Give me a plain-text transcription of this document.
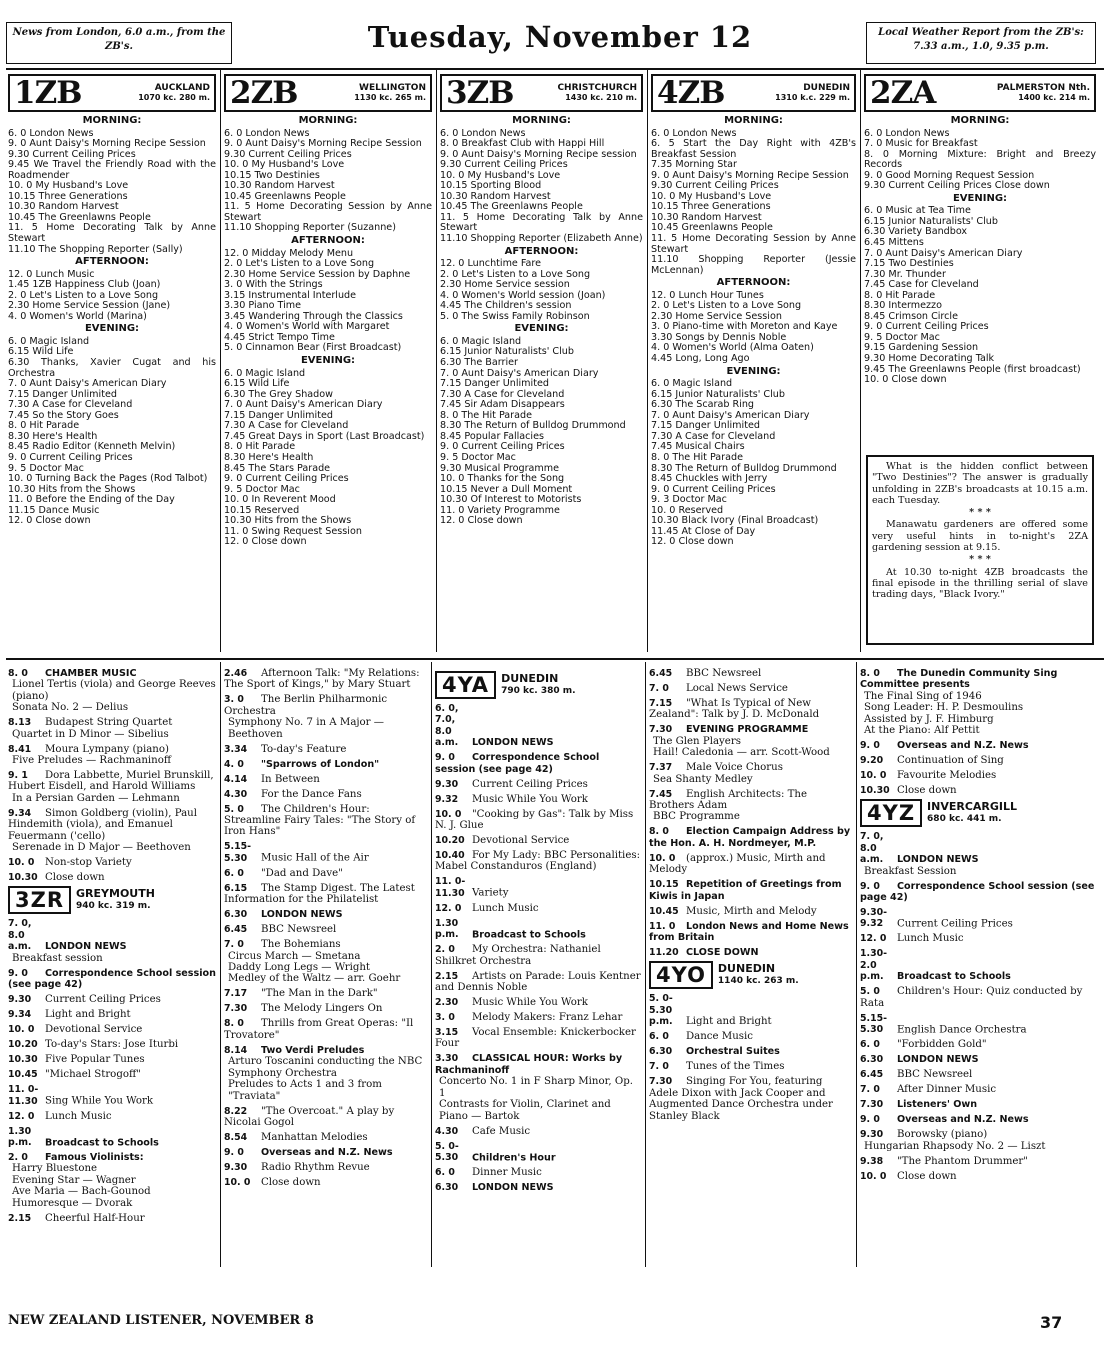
News from London, 6.0 a.m., from the ZB's.	Tuesday, November 12	Local Weather Report from the ZB's: 7.33 a.m., 1.0, 9.35 p.m.
1ZB	AUCKLAND
1070 kc. 280 m.
MORNING:
6. 0 London News
9. 0 Aunt Daisy's Morning Recipe Session
9.30 Current Ceiling Prices
9.45 We Travel the Friendly Road with the Roadmender
10. 0 My Husband's Love
10.15 Three Generations
10.30 Random Harvest
10.45 The Greenlawns People
11. 5 Home Decorating Talk by Anne Stewart
11.10 The Shopping Reporter (Sally)
AFTERNOON:
12. 0 Lunch Music
1.45 1ZB Happiness Club (Joan)
2. 0 Let's Listen to a Love Song
2.30 Home Service Session (Jane)
4. 0 Women's World (Marina)
EVENING:
6. 0 Magic Island
6.15 Wild Life
6.30 Thanks, Xavier Cugat and his Orchestra
7. 0 Aunt Daisy's American Diary
7.15 Danger Unlimited
7.30 A Case for Cleveland
7.45 So the Story Goes
8. 0 Hit Parade
8.30 Here's Health
8.45 Radio Editor (Kenneth Melvin)
9. 0 Current Ceiling Prices
9. 5 Doctor Mac
10. 0 Turning Back the Pages (Rod Talbot)
10.30 Hits from the Shows
11. 0 Before the Ending of the Day
11.15 Dance Music
12. 0 Close down
2ZB	WELLINGTON
1130 kc. 265 m.
MORNING:
6. 0 London News
9. 0 Aunt Daisy's Morning Recipe Session
9.30 Current Ceiling Prices
10. 0 My Husband's Love
10.15 Two Destinies
10.30 Random Harvest
10.45 Greenlawns People
11. 5 Home Decorating Session by Anne Stewart
11.10 Shopping Reporter (Suzanne)
AFTERNOON:
12. 0 Midday Melody Menu
2. 0 Let's Listen to a Love Song
2.30 Home Service Session by Daphne
3. 0 With the Strings
3.15 Instrumental Interlude
3.30 Piano Time
3.45 Wandering Through the Classics
4. 0 Women's World with Margaret
4.45 Strict Tempo Time
5. 0 Cinnamon Bear (First Broadcast)
EVENING:
6. 0 Magic Island
6.15 Wild Life
6.30 The Grey Shadow
7. 0 Aunt Daisy's American Diary
7.15 Danger Unlimited
7.30 A Case for Cleveland
7.45 Great Days in Sport (Last Broadcast)
8. 0 Hit Parade
8.30 Here's Health
8.45 The Stars Parade
9. 0 Current Ceiling Prices
9. 5 Doctor Mac
10. 0 In Reverent Mood
10.15 Reserved
10.30 Hits from the Shows
11. 0 Swing Request Session
12. 0 Close down
3ZB	CHRISTCHURCH
1430 kc. 210 m.
MORNING:
6. 0 London News
8. 0 Breakfast Club with Happi Hill
9. 0 Aunt Daisy's Morning Recipe session
9.30 Current Ceiling Prices
10. 0 My Husband's Love
10.15 Sporting Blood
10.30 Random Harvest
10.45 The Greenlawns People
11. 5 Home Decorating Talk by Anne Stewart
11.10 Shopping Reporter (Elizabeth Anne)
AFTERNOON:
12. 0 Lunchtime Fare
2. 0 Let's Listen to a Love Song
2.30 Home Service session
4. 0 Women's World session (Joan)
4.45 The Children's session
5. 0 The Swiss Family Robinson
EVENING:
6. 0 Magic Island
6.15 Junior Naturalists' Club
6.30 The Barrier
7. 0 Aunt Daisy's American Diary
7.15 Danger Unlimited
7.30 A Case for Cleveland
7.45 Sir Adam Disappears
8. 0 The Hit Parade
8.30 The Return of Bulldog Drummond
8.45 Popular Fallacies
9. 0 Current Ceiling Prices
9. 5 Doctor Mac
9.30 Musical Programme
10. 0 Thanks for the Song
10.15 Never a Dull Moment
10.30 Of Interest to Motorists
11. 0 Variety Programme
12. 0 Close down
4ZB	DUNEDIN
1310 k.c. 229 m.
MORNING:
6. 0 London News
6. 5 Start the Day Right with 4ZB's Breakfast Session
7.35 Morning Star
9. 0 Aunt Daisy's Morning Recipe Session
9.30 Current Ceiling Prices
10. 0 My Husband's Love
10.15 Three Generations
10.30 Random Harvest
10.45 Greenlawns People
11. 5 Home Decorating Session by Anne Stewart
11.10 Shopping Reporter (Jessie McLennan)
AFTERNOON:
12. 0 Lunch Hour Tunes
2. 0 Let's Listen to a Love Song
2.30 Home Service Session
3. 0 Piano-time with Moreton and Kaye
3.30 Songs by Dennis Noble
4. 0 Women's World (Alma Oaten)
4.45 Long, Long Ago
EVENING:
6. 0 Magic Island
6.15 Junior Naturalists' Club
6.30 The Scarab Ring
7. 0 Aunt Daisy's American Diary
7.15 Danger Unlimited
7.30 A Case for Cleveland
7.45 Musical Chairs
8. 0 The Hit Parade
8.30 The Return of Bulldog Drummond
8.45 Chuckles with Jerry
9. 0 Current Ceiling Prices
9. 3 Doctor Mac
10. 0 Reserved
10.30 Black Ivory (Final Broadcast)
11.45 At Close of Day
12. 0 Close down
2ZA	PALMERSTON Nth.
1400 kc. 214 m.
MORNING:
6. 0 London News
7. 0 Music for Breakfast
8. 0 Morning Mixture: Bright and Breezy Records
9. 0 Good Morning Request Session
9.30 Current Ceiling Prices Close down
EVENING:
6. 0 Music at Tea Time
6.15 Junior Naturalists' Club
6.30 Variety Bandbox
6.45 Mittens
7. 0 Aunt Daisy's American Diary
7.15 Two Destinies
7.30 Mr. Thunder
7.45 Case for Cleveland
8. 0 Hit Parade
8.30 Intermezzo
8.45 Crimson Circle
9. 0 Current Ceiling Prices
9. 5 Doctor Mac
9.15 Gardening Session
9.30 Home Decorating Talk
9.45 The Greenlawns People (first broadcast)
10. 0 Close down
What is the hidden conflict between "Two Destinies"? The answer is gradually unfolding in 2ZB's broadcasts at 10.15 a.m. each Tuesday.
* * *
Manawatu gardeners are offered some very useful hints in to-night's 2ZA gardening session at 9.15.
* * *
At 10.30 to-night 4ZB broadcasts the final episode in the thrilling serial of slave trading days, "Black Ivory."
8. 0 CHAMBER MUSIC
Lionel Tertis (viola) and George Reeves (piano)
Sonata No. 2 — Delius
8.13 Budapest String Quartet
Quartet in D Minor — Sibelius
8.41 Moura Lympany (piano)
Five Preludes — Rachmaninoff
9. 1 Dora Labbette, Muriel Brunskill, Hubert Eisdell, and Harold Williams
In a Persian Garden — Lehmann
9.34 Simon Goldberg (violin), Paul Hindemith (viola), and Emanuel Feuermann ('cello)
Serenade in D Major — Beethoven
10. 0 Non-stop Variety
10.30 Close down
3ZR	GREYMOUTH
940 kc. 319 m.
7. 0, 8.0 a.m. LONDON NEWS
Breakfast session
9. 0 Correspondence School session (see page 42)
9.30 Current Ceiling Prices
9.34 Light and Bright
10. 0 Devotional Service
10.20 To-day's Stars: Jose Iturbi
10.30 Five Popular Tunes
10.45 "Michael Strogoff"
11. 0-11.30 Sing While You Work
12. 0 Lunch Music
1.30 p.m. Broadcast to Schools
2. 0 Famous Violinists:
Harry Bluestone
Evening Star — Wagner
Ave Maria — Bach-Gounod
Humoresque — Dvorak
2.15 Cheerful Half-Hour
2.46 Afternoon Talk: "My Relations: The Sport of Kings," by Mary Stuart
3. 0 The Berlin Philharmonic Orchestra
Symphony No. 7 in A Major — Beethoven
3.34 To-day's Feature
4. 0 "Sparrows of London"
4.14 In Between
4.30 For the Dance Fans
5. 0 The Children's Hour: Streamline Fairy Tales: "The Story of Iron Hans"
5.15-5.30 Music Hall of the Air
6. 0 "Dad and Dave"
6.15 The Stamp Digest. The Latest Information for the Philatelist
6.30 LONDON NEWS
6.45 BBC Newsreel
7. 0 The Bohemians
Circus March — Smetana
Daddy Long Legs — Wright
Medley of the Waltz — arr. Goehr
7.17 "The Man in the Dark"
7.30 The Melody Lingers On
8. 0 Thrills from Great Operas: "Il Trovatore"
8.14 Two Verdi Preludes
Arturo Toscanini conducting the NBC Symphony Orchestra
Preludes to Acts 1 and 3 from "Traviata"
8.22 "The Overcoat." A play by Nicolai Gogol
8.54 Manhattan Melodies
9. 0 Overseas and N.Z. News
9.30 Radio Rhythm Revue
10. 0 Close down
4YA	DUNEDIN
790 kc. 380 m.
6. 0, 7.0, 8.0 a.m. LONDON NEWS
9. 0 Correspondence School session (see page 42)
9.30 Current Ceiling Prices
9.32 Music While You Work
10. 0 "Cooking by Gas": Talk by Miss N. J. Glue
10.20 Devotional Service
10.40 For My Lady: BBC Personalities: Mabel Constanduros (England)
11. 0-11.30 Variety
12. 0 Lunch Music
1.30 p.m. Broadcast to Schools
2. 0 My Orchestra: Nathaniel Shilkret Orchestra
2.15 Artists on Parade: Louis Kentner and Dennis Noble
2.30 Music While You Work
3. 0 Melody Makers: Franz Lehar
3.15 Vocal Ensemble: Knickerbocker Four
3.30 CLASSICAL HOUR: Works by Rachmaninoff
Concerto No. 1 in F Sharp Minor, Op. 1
Contrasts for Violin, Clarinet and Piano — Bartok
4.30 Cafe Music
5. 0-5.30 Children's Hour
6. 0 Dinner Music
6.30 LONDON NEWS
6.45 BBC Newsreel
7. 0 Local News Service
7.15 "What Is Typical of New Zealand": Talk by J. D. McDonald
7.30 EVENING PROGRAMME
The Glen Players
Hail! Caledonia — arr. Scott-Wood
7.37 Male Voice Chorus
Sea Shanty Medley
7.45 English Architects: The Brothers Adam
BBC Programme
8. 0 Election Campaign Address by the Hon. A. H. Nordmeyer, M.P.
10. 0 (approx.) Music, Mirth and Melody
10.15 Repetition of Greetings from Kiwis in Japan
10.45 Music, Mirth and Melody
11. 0 London News and Home News from Britain
11.20 CLOSE DOWN
4YO	DUNEDIN
1140 kc. 263 m.
5. 0-5.30 p.m. Light and Bright
6. 0 Dance Music
6.30 Orchestral Suites
7. 0 Tunes of the Times
7.30 Singing For You, featuring Adele Dixon with Jack Cooper and Augmented Dance Orchestra under Stanley Black
8. 0 The Dunedin Community Sing Committee presents
The Final Sing of 1946
Song Leader: H. P. Desmoulins
Assisted by J. F. Himburg
At the Piano: Alf Pettit
9. 0 Overseas and N.Z. News
9.20 Continuation of Sing
10. 0 Favourite Melodies
10.30 Close down
4YZ	INVERCARGILL
680 kc. 441 m.
7. 0, 8.0 a.m. LONDON NEWS
Breakfast Session
9. 0 Correspondence School session (see page 42)
9.30-9.32 Current Ceiling Prices
12. 0 Lunch Music
1.30-2.0 p.m. Broadcast to Schools
5. 0 Children's Hour: Quiz conducted by Rata
5.15-5.30 English Dance Orchestra
6. 0 "Forbidden Gold"
6.30 LONDON NEWS
6.45 BBC Newsreel
7. 0 After Dinner Music
7.30 Listeners' Own
9. 0 Overseas and N.Z. News
9.30 Borowsky (piano)
Hungarian Rhapsody No. 2 — Liszt
9.38 "The Phantom Drummer"
10. 0 Close down
NEW ZEALAND LISTENER, NOVEMBER 8	37
